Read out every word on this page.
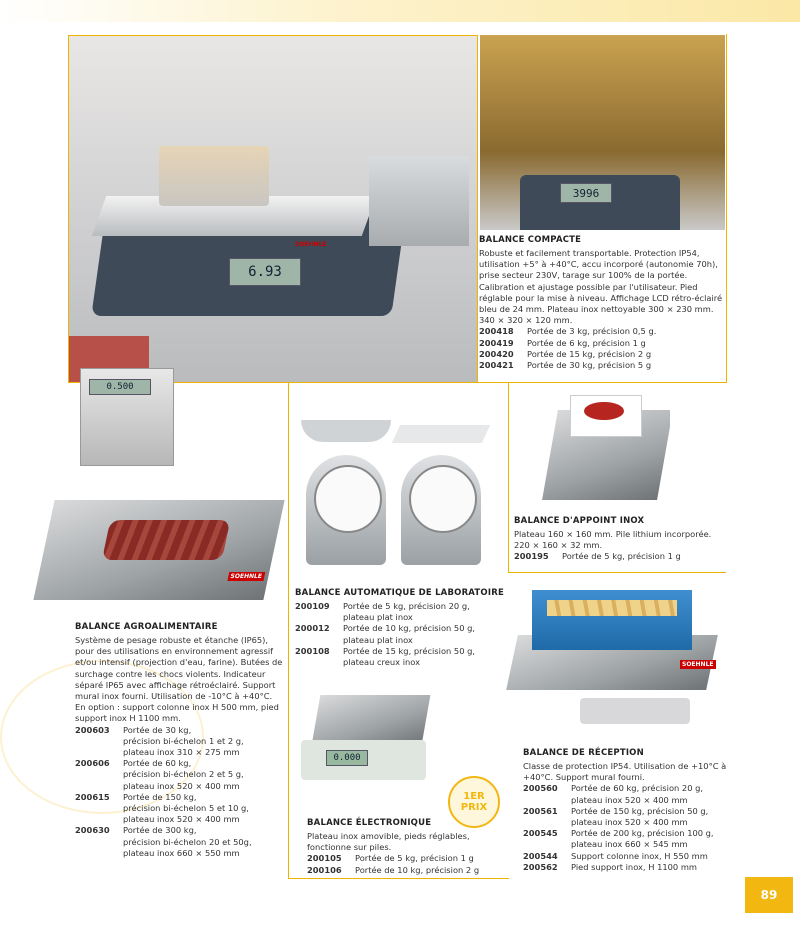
6.93
SOEHNLE
3996
BALANCE COMPACTE
Robuste et facilement transportable. Protection IP54, utilisation +5° à +40°C, accu incorporé (autonomie 70h), prise secteur 230V, tarage sur 100% de la portée. Calibration et ajustage possible par l'utilisateur. Pied réglable pour la mise à niveau. Affichage LCD rétro-éclairé bleu de 24 mm. Plateau inox nettoyable 300 × 230 mm. 340 × 320 × 120 mm.
200418	Portée de 3 kg, précision 0,5 g.
200419	Portée de 6 kg, précision 1 g
200420	Portée de 15 kg, précision 2 g
200421	Portée de 30 kg, précision 5 g
0.500
SOEHNLE
BALANCE AGROALIMENTAIRE
Système de pesage robuste et étanche (IP65), pour des utilisations en environnement agressif et/ou intensif (projection d'eau, farine). Butées de surchage contre les chocs violents. Indicateur séparé IP65 avec affichage rétroéclairé. Support mural inox fourni. Utilisation de -10°C à +40°C. En option : support colonne inox H 500 mm, pied support inox H 1100 mm.
200603	Portée de 30 kg,
précision bi-échelon 1 et 2 g,
plateau inox 310 × 275 mm
200606	Portée de 60 kg,
précision bi-échelon 2 et 5 g,
plateau inox 520 × 400 mm
200615	Portée de 150 kg,
précision bi-échelon 5 et 10 g,
plateau inox 520 × 400 mm
200630	Portée de 300 kg,
précision bi-échelon 20 et 50g,
plateau inox 660 × 550 mm
BALANCE AUTOMATIQUE DE LABORATOIRE
200109	Portée de 5 kg, précision 20 g,
plateau plat inox
200012	Portée de 10 kg, précision 50 g,
plateau plat inox
200108	Portée de 15 kg, précision 50 g,
plateau creux inox
BALANCE D'APPOINT INOX
Plateau 160 × 160 mm. Pile lithium incorporée. 220 × 160 × 32 mm.
200195	Portée de 5 kg, précision 1 g
0.000
1ER
PRIX
BALANCE ÉLECTRONIQUE
Plateau inox amovible, pieds réglables, fonctionne sur piles.
200105	Portée de 5 kg, précision 1 g
200106	Portée de 10 kg, précision 2 g
SOEHNLE
BALANCE DE RÉCEPTION
Classe de protection IP54. Utilisation de +10°C à +40°C. Support mural fourni.
200560	Portée de 60 kg, précision 20 g,
plateau inox 520 × 400 mm
200561	Portée de 150 kg, précision 50 g,
plateau inox 520 × 400 mm
200545	Portée de 200 kg, précision 100 g,
plateau inox 660 × 545 mm
200544	Support colonne inox, H 550 mm
200562	Pied support inox, H 1100 mm
89
